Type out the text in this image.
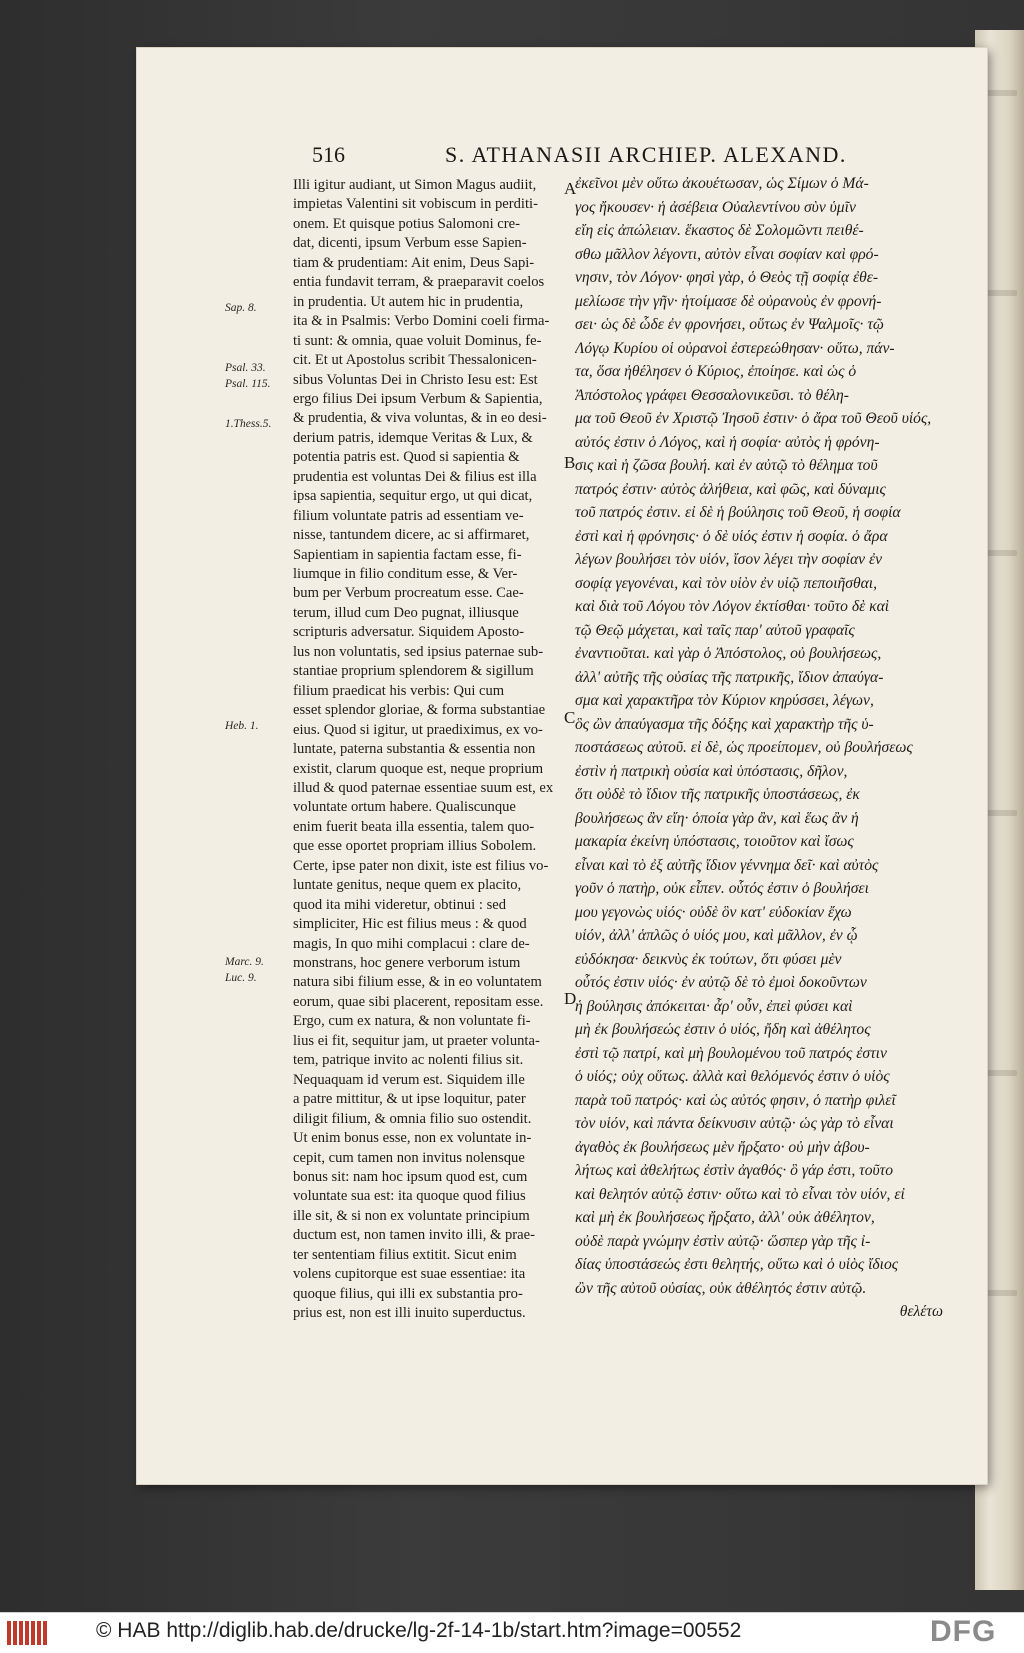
516	S. ATHANASII ARCHIEP. ALEXAND.
Sap. 8.
Psal. 33.
Psal. 115.
1.Thess.5.
Heb. 1.
Marc. 9.
Luc. 9.
Illi igitur audiant, ut Simon Magus audiit,
impietas Valentini sit vobiscum in perditi-
onem. Et quisque potius Salomoni cre-
dat, dicenti, ipsum Verbum esse Sapien-
tiam & prudentiam: Ait enim, Deus Sapi-
entia fundavit terram, & praeparavit coelos
in prudentia. Ut autem hic in prudentia,
ita & in Psalmis: Verbo Domini coeli firma-
ti sunt: & omnia, quae voluit Dominus, fe-
cit. Et ut Apostolus scribit Thessalonicen-
sibus Voluntas Dei in Christo Iesu est: Est
ergo filius Dei ipsum Verbum & Sapientia,
& prudentia, & viva voluntas, & in eo desi-
derium patris, idemque Veritas & Lux, &
potentia patris est. Quod si sapientia &
prudentia est voluntas Dei & filius est illa
ipsa sapientia, sequitur ergo, ut qui dicat,
filium voluntate patris ad essentiam ve-
nisse, tantundem dicere, ac si affirmaret,
Sapientiam in sapientia factam esse, fi-
liumque in filio conditum esse, & Ver-
bum per Verbum procreatum esse. Cae-
terum, illud cum Deo pugnat, illiusque
scripturis adversatur. Siquidem Aposto-
lus non voluntatis, sed ipsius paternae sub-
stantiae proprium splendorem & sigillum
filium praedicat his verbis: Qui cum
esset splendor gloriae, & forma substantiae
eius. Quod si igitur, ut praediximus, ex vo-
luntate, paterna substantia & essentia non
existit, clarum quoque est, neque proprium
illud & quod paternae essentiae suum est, ex
voluntate ortum habere. Qualiscunque
enim fuerit beata illa essentia, talem quo-
que esse oportet propriam illius Sobolem.
Certe, ipse pater non dixit, iste est filius vo-
luntate genitus, neque quem ex placito,
quod ita mihi videretur, obtinui : sed
simpliciter, Hic est filius meus : & quod
magis, In quo mihi complacui : clare de-
monstrans, hoc genere verborum istum
natura sibi filium esse, & in eo voluntatem
eorum, quae sibi placerent, repositam esse.
Ergo, cum ex natura, & non voluntate fi-
lius ei fit, sequitur jam, ut praeter volunta-
tem, patrique invito ac nolenti filius sit.
Nequaquam id verum est. Siquidem ille
a patre mittitur, & ut ipse loquitur, pater
diligit filium, & omnia filio suo ostendit.
Ut enim bonus esse, non ex voluntate in-
cepit, cum tamen non invitus nolensque
bonus sit: nam hoc ipsum quod est, cum
voluntate sua est: ita quoque quod filius
ille sit, & si non ex voluntate principium
ductum est, non tamen invito illi, & prae-
ter sententiam filius extitit. Sicut enim
volens cupitorque est suae essentiae: ita
quoque filius, qui illi ex substantia pro-
prius est, non est illi inuito superductus.
A
B
C
D
ἐκεῖνοι μὲν οὕτω ἀκουέτωσαν, ὡς Σίμων ὁ Μά-
γος ἤκουσεν· ἡ ἀσέβεια Οὐαλεντίνου σὺν ὑμῖν
εἴη εἰς ἀπώλειαν. ἕκαστος δὲ Σολομῶντι πειθέ-
σθω μᾶλλον λέγοντι, αὐτὸν εἶναι σοφίαν καὶ φρό-
νησιν, τὸν Λόγον· φησὶ γὰρ, ὁ Θεὸς τῇ σοφίᾳ ἐθε-
μελίωσε τὴν γῆν· ἡτοίμασε δὲ οὐρανοὺς ἐν φρονή-
σει· ὡς δὲ ὧδε ἐν φρονήσει, οὕτως ἐν Ψαλμοῖς· τῷ
Λόγῳ Κυρίου οἱ οὐρανοὶ ἐστερεώθησαν· οὕτω, πάν-
τα, ὅσα ἠθέλησεν ὁ Κύριος, ἐποίησε. καὶ ὡς ὁ
Ἀπόστολος γράφει Θεσσαλονικεῦσι. τὸ θέλη-
μα τοῦ Θεοῦ ἐν Χριστῷ Ἰησοῦ ἐστιν· ὁ ἄρα τοῦ Θεοῦ υἱός,
αὐτός ἐστιν ὁ Λόγος, καὶ ἡ σοφία· αὐτὸς ἡ φρόνη-
σις καὶ ἡ ζῶσα βουλή. καὶ ἐν αὐτῷ τὸ θέλημα τοῦ
πατρός ἐστιν· αὐτὸς ἀλήθεια, καὶ φῶς, καὶ δύναμις
τοῦ πατρός ἐστιν. εἰ δὲ ἡ βούλησις τοῦ Θεοῦ, ἡ σοφία
ἐστὶ καὶ ἡ φρόνησις· ὁ δὲ υἱός ἐστιν ἡ σοφία. ὁ ἄρα
λέγων βουλήσει τὸν υἱόν, ἴσον λέγει τὴν σοφίαν ἐν
σοφίᾳ γεγονέναι, καὶ τὸν υἱὸν ἐν υἱῷ πεποιῆσθαι,
καὶ διὰ τοῦ Λόγου τὸν Λόγον ἐκτίσθαι· τοῦτο δὲ καὶ
τῷ Θεῷ μάχεται, καὶ ταῖς παρ' αὐτοῦ γραφαῖς
ἐναντιοῦται. καὶ γὰρ ὁ Ἀπόστολος, οὐ βουλήσεως,
ἀλλ' αὐτῆς τῆς οὐσίας τῆς πατρικῆς, ἴδιον ἀπαύγα-
σμα καὶ χαρακτῆρα τὸν Κύριον κηρύσσει, λέγων,
ὃς ὢν ἀπαύγασμα τῆς δόξης καὶ χαρακτὴρ τῆς ὑ-
ποστάσεως αὐτοῦ. εἰ δὲ, ὡς προείπομεν, οὐ βουλήσεως
ἐστὶν ἡ πατρικὴ οὐσία καὶ ὑπόστασις, δῆλον,
ὅτι οὐδὲ τὸ ἴδιον τῆς πατρικῆς ὑποστάσεως, ἐκ
βουλήσεως ἂν εἴη· ὁποία γὰρ ἂν, καὶ ἕως ἂν ἡ
μακαρία ἐκείνη ὑπόστασις, τοιοῦτον καὶ ἴσως
εἶναι καὶ τὸ ἐξ αὐτῆς ἴδιον γέννημα δεῖ· καὶ αὐτὸς
γοῦν ὁ πατὴρ, οὐκ εἶπεν. οὗτός ἐστιν ὁ βουλήσει
μου γεγονὼς υἱός· οὐδὲ ὃν κατ' εὐδοκίαν ἔχω
υἱόν, ἀλλ' ἁπλῶς ὁ υἱός μου, καὶ μᾶλλον, ἐν ᾧ
εὐδόκησα· δεικνὺς ἐκ τούτων, ὅτι φύσει μὲν
οὗτός ἐστιν υἱός· ἐν αὐτῷ δὲ τὸ ἐμοὶ δοκοῦντων
ἡ βούλησις ἀπόκειται· ἆρ' οὖν, ἐπεὶ φύσει καὶ
μὴ ἐκ βουλήσεώς ἐστιν ὁ υἱός, ἤδη καὶ ἀθέλητος
ἐστὶ τῷ πατρί, καὶ μὴ βουλομένου τοῦ πατρός ἐστιν
ὁ υἱός; οὐχ οὕτως. ἀλλὰ καὶ θελόμενός ἐστιν ὁ υἱὸς
παρὰ τοῦ πατρός· καὶ ὡς αὐτός φησιν, ὁ πατὴρ φιλεῖ
τὸν υἱόν, καὶ πάντα δείκνυσιν αὐτῷ· ὡς γὰρ τὸ εἶναι
ἀγαθὸς ἐκ βουλήσεως μὲν ἤρξατο· οὐ μὴν ἀβου-
λήτως καὶ ἀθελήτως ἐστὶν ἀγαθός· ὃ γάρ ἐστι, τοῦτο
καὶ θελητόν αὐτῷ ἐστιν· οὕτω καὶ τὸ εἶναι τὸν υἱόν, εἰ
καὶ μὴ ἐκ βουλήσεως ἤρξατο, ἀλλ' οὐκ ἀθέλητον,
οὐδὲ παρὰ γνώμην ἐστὶν αὐτῷ· ὥσπερ γὰρ τῆς ἰ-
δίας ὑποστάσεώς ἐστι θελητής, οὕτω καὶ ὁ υἱὸς ἴδιος
ὢν τῆς αὐτοῦ οὐσίας, οὐκ ἀθέλητός ἐστιν αὐτῷ.
θελέτω
© HAB http://diglib.hab.de/drucke/lg-2f-14-1b/start.htm?image=00552	DFG
